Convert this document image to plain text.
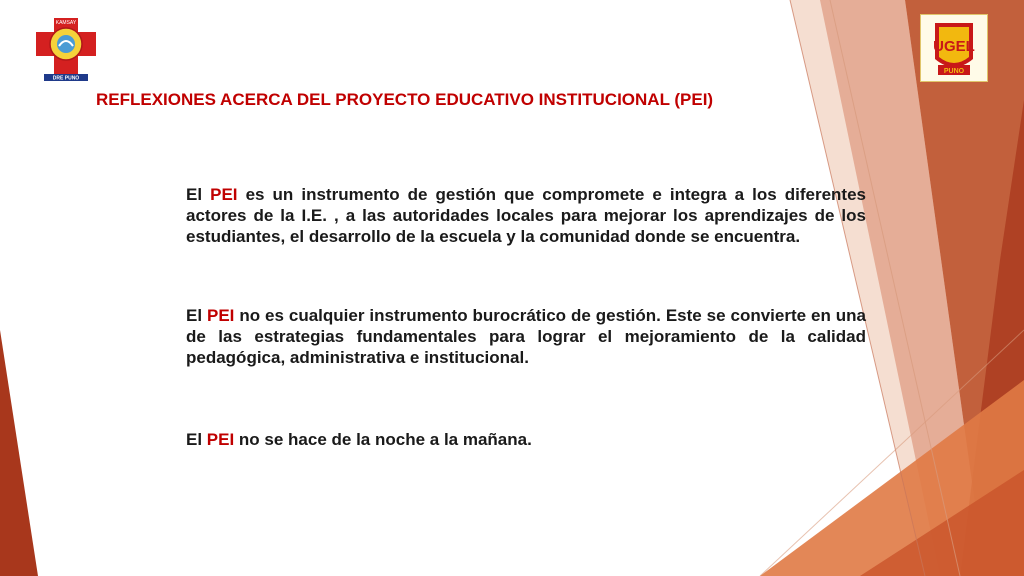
KAMSAY
DRE PUNO
UGEL
PUNO
REFLEXIONES ACERCA DEL PROYECTO EDUCATIVO INSTITUCIONAL (PEI)

El PEI es un instrumento de gestión que compromete e integra a los diferentes actores de la I.E. , a las autoridades locales para mejorar los aprendizajes de los estudiantes, el desarrollo de la escuela y la comunidad donde se encuentra.

El PEI no es cualquier instrumento burocrático de gestión. Este se convierte en una de las estrategias fundamentales para lograr el mejoramiento de la calidad pedagógica, administrativa e institucional.

El PEI no se hace de la noche a la mañana.
